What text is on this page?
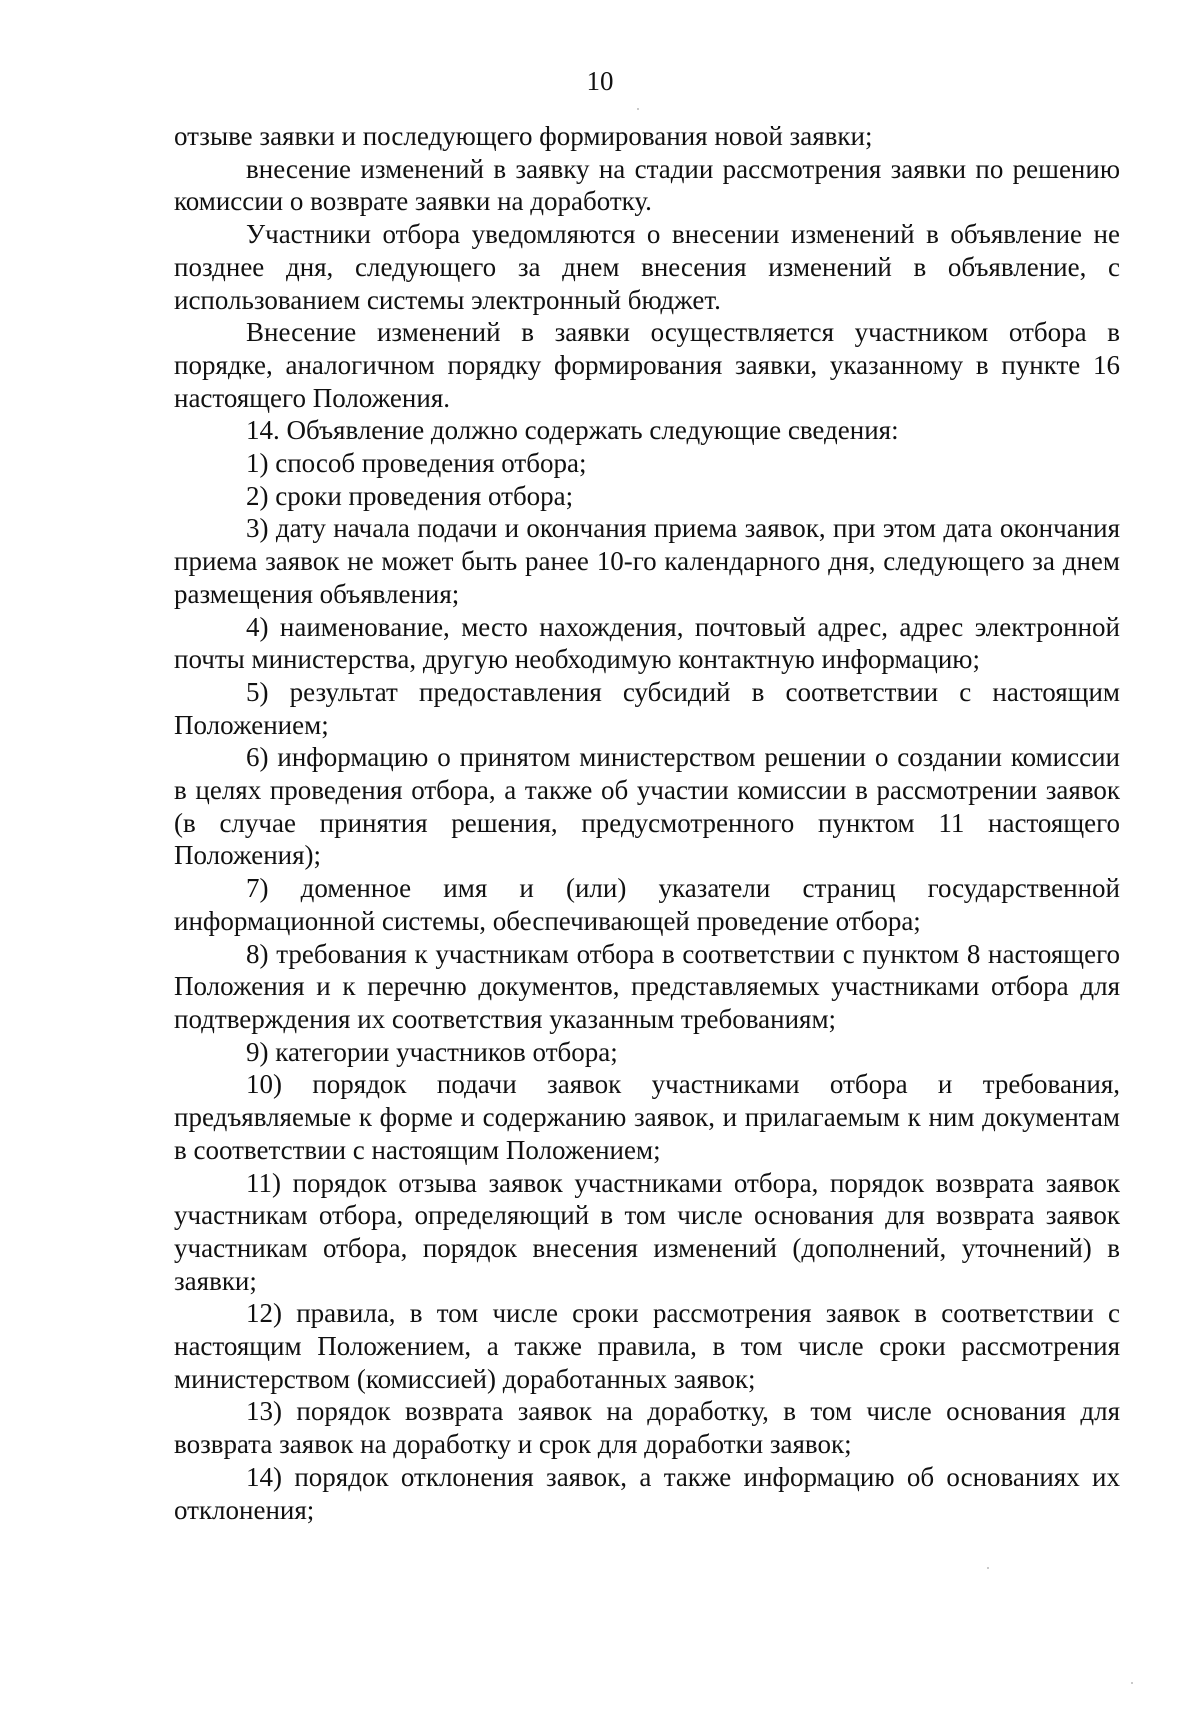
10

отзыве заявки и последующего формирования новой заявки;

внесение изменений в заявку на стадии рассмотрения заявки по решению комиссии о возврате заявки на доработку.

Участники отбора уведомляются о внесении изменений в объявление не позднее дня, следующего за днем внесения изменений в объявление, с использованием системы электронный бюджет.

Внесение изменений в заявки осуществляется участником отбора в порядке, аналогичном порядку формирования заявки, указанному в пункте 16 настоящего Положения.

14. Объявление должно содержать следующие сведения:

1) способ проведения отбора;

2) сроки проведения отбора;

3) дату начала подачи и окончания приема заявок, при этом дата окончания приема заявок не может быть ранее 10-го календарного дня, следующего за днем размещения объявления;

4) наименование, место нахождения, почтовый адрес, адрес электронной почты министерства, другую необходимую контактную информацию;

5) результат предоставления субсидий в соответствии с настоящим Положением;

6) информацию о принятом министерством решении о создании комиссии в целях проведения отбора, а также об участии комиссии в рассмотрении заявок (в случае принятия решения, предусмотренного пунктом 11 настоящего Положения);

7) доменное имя и (или) указатели страниц государственной информационной системы, обеспечивающей проведение отбора;

8) требования к участникам отбора в соответствии с пунктом 8 настоящего Положения и к перечню документов, представляемых участниками отбора для подтверждения их соответствия указанным требованиям;

9) категории участников отбора;

10) порядок подачи заявок участниками отбора и требования, предъявляемые к форме и содержанию заявок, и прилагаемым к ним документам в соответствии с настоящим Положением;

11) порядок отзыва заявок участниками отбора, порядок возврата заявок участникам отбора, определяющий в том числе основания для возврата заявок участникам отбора, порядок внесения изменений (дополнений, уточнений) в заявки;

12) правила, в том числе сроки рассмотрения заявок в соответствии с настоящим Положением, а также правила, в том числе сроки рассмотрения министерством (комиссией) доработанных заявок;

13) порядок возврата заявок на доработку, в том числе основания для возврата заявок на доработку и срок для доработки заявок;

14) порядок отклонения заявок, а также информацию об основаниях их отклонения;
